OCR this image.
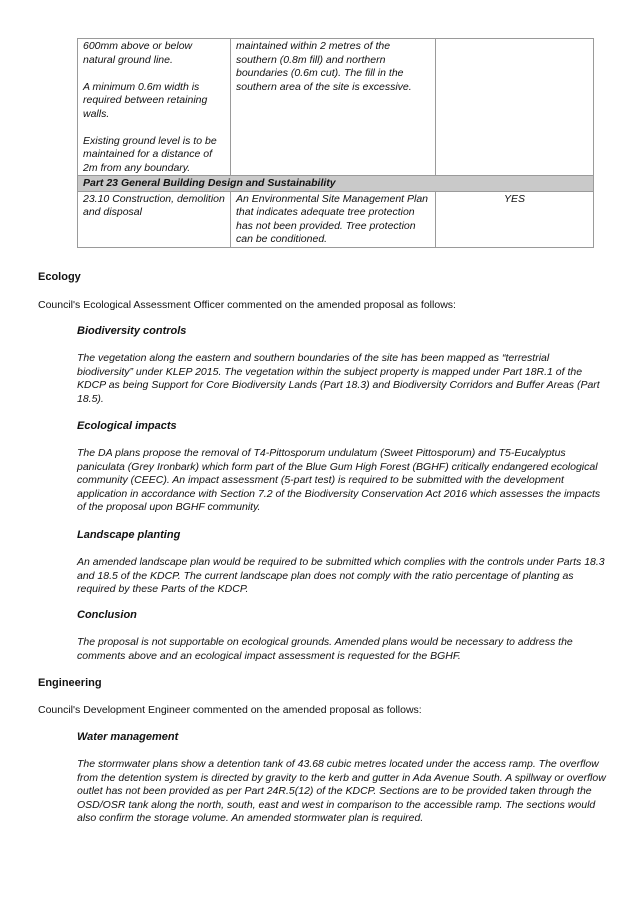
600mm above or below natural ground line.
A minimum 0.6m width is required between retaining walls.
Existing ground level is to be maintained for a distance of 2m from any boundary.	maintained within 2 metres of the southern (0.8m fill) and northern boundaries (0.6m cut). The fill in the southern area of the site is excessive.	
Part 23 General Building Design and Sustainability		
23.10 Construction, demolition and disposal	An Environmental Site Management Plan that indicates adequate tree protection has not been provided. Tree protection can be conditioned.	YES
Ecology
Council's Ecological Assessment Officer commented on the amended proposal as follows:
Biodiversity controls
The vegetation along the eastern and southern boundaries of the site has been mapped as “terrestrial biodiversity” under KLEP 2015. The vegetation within the subject property is mapped under Part 18R.1 of the KDCP as being Support for Core Biodiversity Lands (Part 18.3) and Biodiversity Corridors and Buffer Areas (Part 18.5).
Ecological impacts
The DA plans propose the removal of T4-Pittosporum undulatum (Sweet Pittosporum) and T5-Eucalyptus paniculata (Grey Ironbark) which form part of the Blue Gum High Forest (BGHF) critically endangered ecological community (CEEC). An impact assessment (5-part test) is required to be submitted with the development application in accordance with Section 7.2 of the Biodiversity Conservation Act 2016 which assesses the impacts of the proposal upon BGHF community.
Landscape planting
An amended landscape plan would be required to be submitted which complies with the controls under Parts 18.3 and 18.5 of the KDCP. The current landscape plan does not comply with the ratio percentage of planting as required by these Parts of the KDCP.
Conclusion
The proposal is not supportable on ecological grounds. Amended plans would be necessary to address the comments above and an ecological impact assessment is requested for the BGHF.
Engineering
Council's Development Engineer commented on the amended proposal as follows:
Water management
The stormwater plans show a detention tank of 43.68 cubic metres located under the access ramp. The overflow from the detention system is directed by gravity to the kerb and gutter in Ada Avenue South. A spillway or overflow outlet has not been provided as per Part 24R.5(12) of the KDCP. Sections are to be provided taken through the OSD/OSR tank along the north, south, east and west in comparison to the accessible ramp. The sections would also confirm the storage volume. An amended stormwater plan is required.
